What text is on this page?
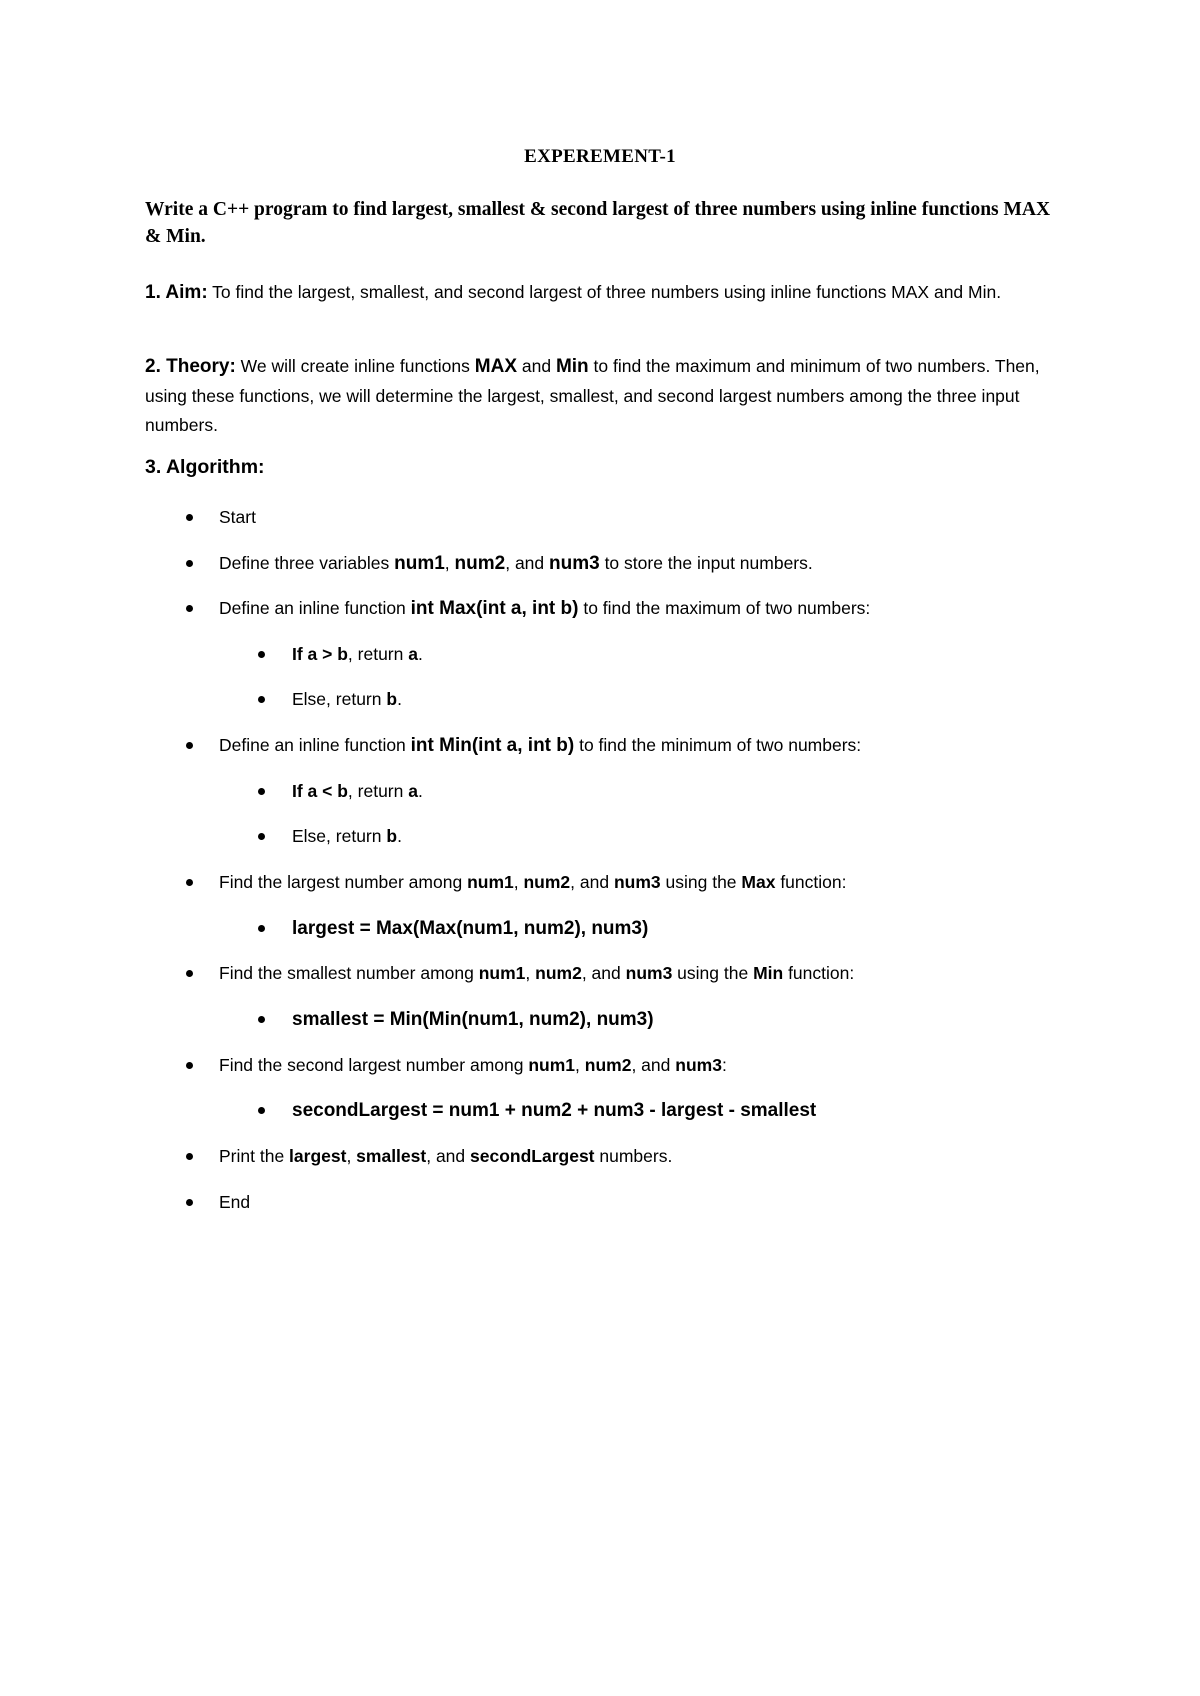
EXPEREMENT-1
Write a C++ program to find largest, smallest & second largest of three numbers using inline functions MAX & Min.
1. Aim: To find the largest, smallest, and second largest of three numbers using inline functions MAX and Min.
2. Theory: We will create inline functions MAX and Min to find the maximum and minimum of two numbers. Then, using these functions, we will determine the largest, smallest, and second largest numbers among the three input numbers.
3. Algorithm:
Start
Define three variables num1, num2, and num3 to store the input numbers.
Define an inline function int Max(int a, int b) to find the maximum of two numbers:
If a > b, return a.
Else, return b.
Define an inline function int Min(int a, int b) to find the minimum of two numbers:
If a < b, return a.
Else, return b.
Find the largest number among num1, num2, and num3 using the Max function:
largest = Max(Max(num1, num2), num3)
Find the smallest number among num1, num2, and num3 using the Min function:
smallest = Min(Min(num1, num2), num3)
Find the second largest number among num1, num2, and num3:
secondLargest = num1 + num2 + num3 - largest - smallest
Print the largest, smallest, and secondLargest numbers.
End
